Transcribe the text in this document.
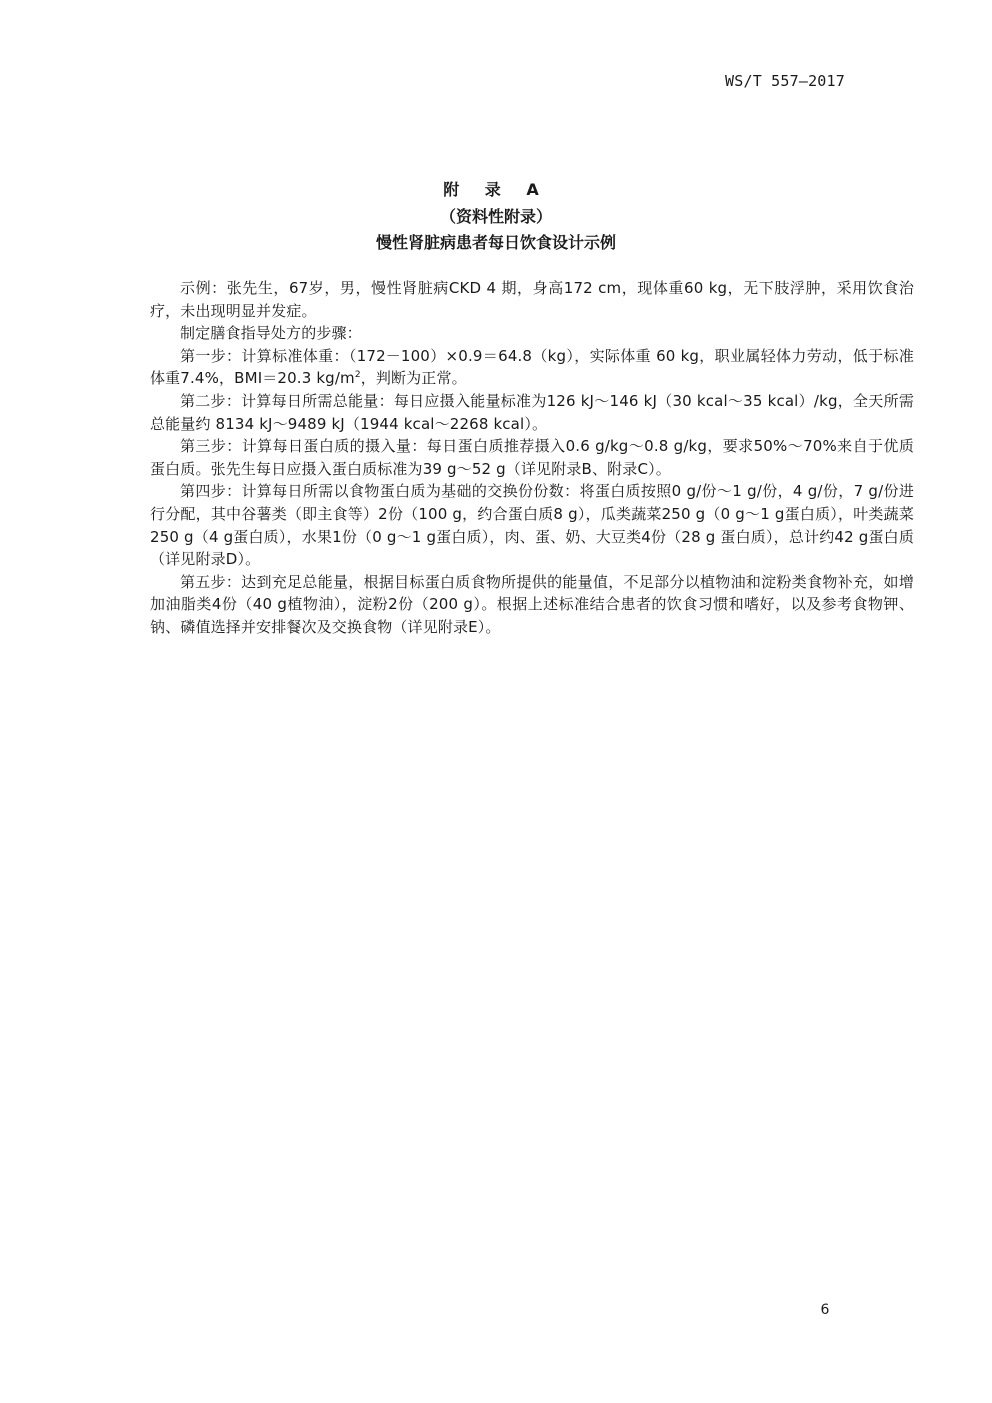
WS/T 557—2017
附 录 A
（资料性附录）
慢性肾脏病患者每日饮食设计示例

示例：张先生，67岁，男，慢性肾脏病CKD 4 期，身高172 cm，现体重60 kg，无下肢浮肿，采用饮食治疗，未出现明显并发症。

制定膳食指导处方的步骤：

第一步：计算标准体重：（172－100）×0.9＝64.8（kg），实际体重 60 kg，职业属轻体力劳动，低于标准体重7.4%，BMI＝20.3 $kg/m^2$，判断为正常。

第二步：计算每日所需总能量：每日应摄入能量标准为126 kJ～146 kJ（30 kcal～35 kcal）/kg，全天所需总能量约 8134 kJ～9489 kJ（1944 kcal～2268 kcal）。

第三步：计算每日蛋白质的摄入量：每日蛋白质推荐摄入0.6 g/kg～0.8 g/kg，要求50%～70%来自于优质蛋白质。张先生每日应摄入蛋白质标准为39 g～52 g（详见附录B、附录C）。

第四步：计算每日所需以食物蛋白质为基础的交换份份数：将蛋白质按照0 g/份～1 g/份，4 g/份，7 g/份进行分配，其中谷薯类（即主食等）2份（100 g，约合蛋白质8 g），瓜类蔬菜250 g（0 g～1 g蛋白质），叶类蔬菜250 g（4 g蛋白质），水果1份（0 g～1 g蛋白质），肉、蛋、奶、大豆类4份（28 g 蛋白质），总计约42 g蛋白质（详见附录D）。

第五步：达到充足总能量，根据目标蛋白质食物所提供的能量值，不足部分以植物油和淀粉类食物补充，如增加油脂类4份（40 g植物油），淀粉2份（200 g）。根据上述标准结合患者的饮食习惯和嗜好，以及参考食物钾、钠、磷值选择并安排餐次及交换食物（详见附录E）。

6
